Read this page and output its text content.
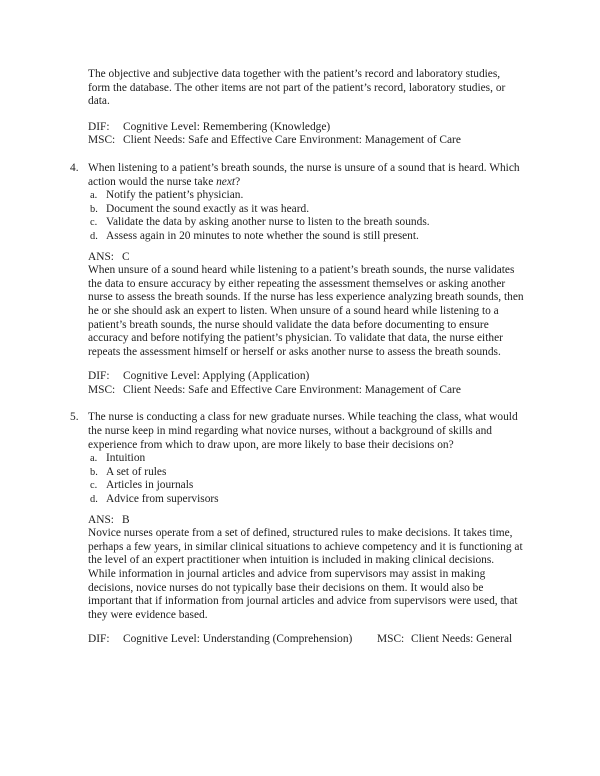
The objective and subjective data together with the patient’s record and laboratory studies, form the database. The other items are not part of the patient’s record, laboratory studies, or data.
DIF:	Cognitive Level: Remembering (Knowledge)
MSC: Client Needs: Safe and Effective Care Environment: Management of Care
4. When listening to a patient’s breath sounds, the nurse is unsure of a sound that is heard. Which action would the nurse take next?
a. Notify the patient’s physician.
b. Document the sound exactly as it was heard.
c. Validate the data by asking another nurse to listen to the breath sounds.
d. Assess again in 20 minutes to note whether the sound is still present.
ANS: C
When unsure of a sound heard while listening to a patient’s breath sounds, the nurse validates the data to ensure accuracy by either repeating the assessment themselves or asking another nurse to assess the breath sounds. If the nurse has less experience analyzing breath sounds, then he or she should ask an expert to listen. When unsure of a sound heard while listening to a patient’s breath sounds, the nurse should validate the data before documenting to ensure accuracy and before notifying the patient’s physician. To validate that data, the nurse either repeats the assessment himself or herself or asks another nurse to assess the breath sounds.
DIF:	Cognitive Level: Applying (Application)
MSC: Client Needs: Safe and Effective Care Environment: Management of Care
5. The nurse is conducting a class for new graduate nurses. While teaching the class, what would the nurse keep in mind regarding what novice nurses, without a background of skills and experience from which to draw upon, are more likely to base their decisions on?
a. Intuition
b. A set of rules
c. Articles in journals
d. Advice from supervisors
ANS: B
Novice nurses operate from a set of defined, structured rules to make decisions. It takes time, perhaps a few years, in similar clinical situations to achieve competency and it is functioning at the level of an expert practitioner when intuition is included in making clinical decisions. While information in journal articles and advice from supervisors may assist in making decisions, novice nurses do not typically base their decisions on them. It would also be important that if information from journal articles and advice from supervisors were used, that they were evidence based.
DIF:	Cognitive Level: Understanding (Comprehension)	MSC: Client Needs: General
